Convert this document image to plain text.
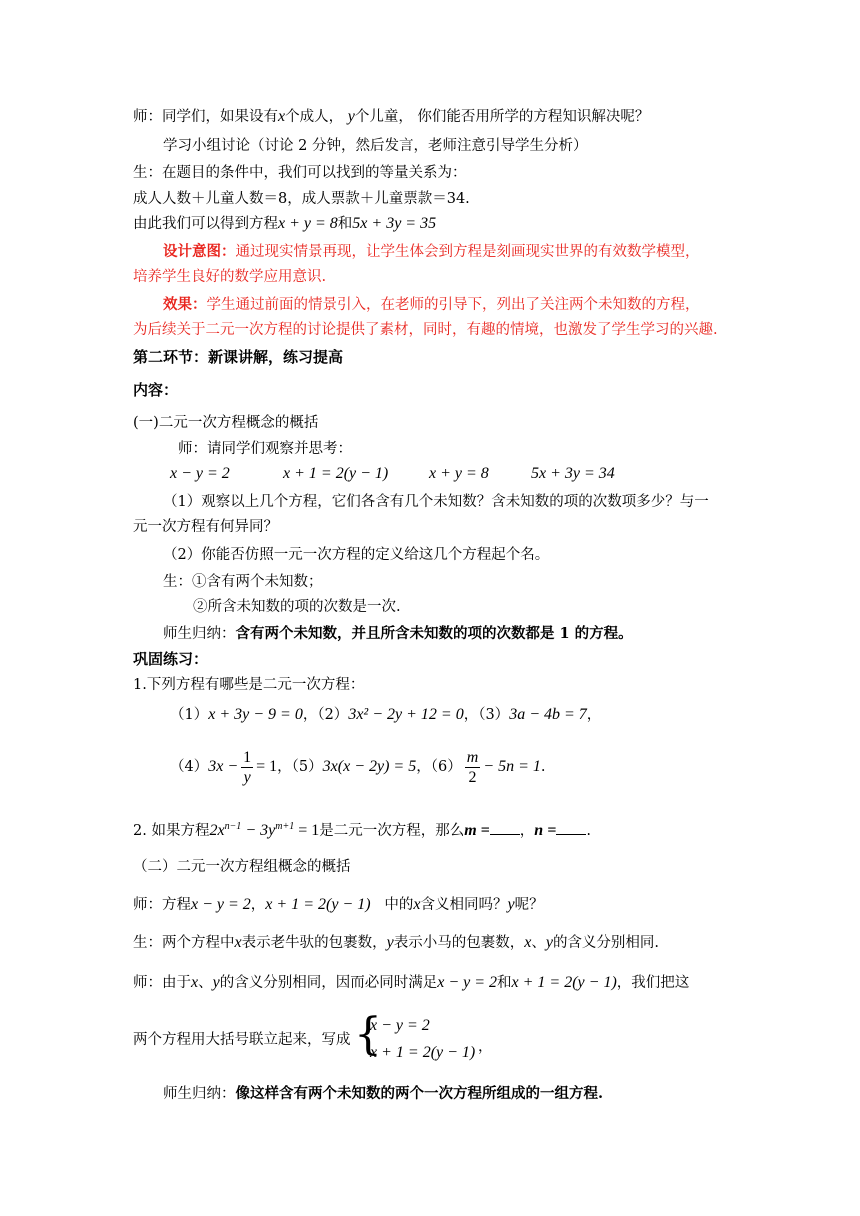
师：同学们，如果设有x个成人， y个儿童， 你们能否用所学的方程知识解决呢？
学习小组讨论（讨论 2 分钟，然后发言，老师注意引导学生分析）
生：在题目的条件中，我们可以找到的等量关系为：
成人人数＋儿童人数＝8，成人票款＋儿童票款＝34.
由此我们可以得到方程x + y = 8和5x + 3y = 35
设计意图：通过现实情景再现，让学生体会到方程是刻画现实世界的有效数学模型，
培养学生良好的数学应用意识.
效果：学生通过前面的情景引入，在老师的引导下，列出了关注两个未知数的方程，
为后续关于二元一次方程的讨论提供了素材，同时，有趣的情境，也激发了学生学习的兴趣.
第二环节：新课讲解，练习提高
内容：
(一)二元一次方程概念的概括
师：请同学们观察并思考：
x − y = 2	x + 1 = 2(y − 1)	x + y = 8	5x + 3y = 34
（1）观察以上几个方程，它们各含有几个未知数？含未知数的项的次数项多少？与一
元一次方程有何异同？
（2）你能否仿照一元一次方程的定义给这几个方程起个名。
生：①含有两个未知数；
②所含未知数的项的次数是一次.
师生归纳：含有两个未知数，并且所含未知数的项的次数都是 1 的方程。
巩固练习：
1.下列方程有哪些是二元一次方程：
（1）x + 3y − 9 = 0，（2）3x² − 2y + 12 = 0，（3）3a − 4b = 7，
$(4)3x - \frac{1}{y} = 1$，（5）3x(x − 2y) = 5，$(6) \frac{m}{2} - 5n = 1$.
2. 如果方程$2x^{n-1} - 3y^{m+1} = 1$是二元一次方程，那么m = ，n = .
（二）二元一次方程组概念的概括
师：方程x − y = 2，x + 1 = 2(y − 1) 中的x含义相同吗？y呢？
生：两个方程中x表示老牛驮的包裹数，y表示小马的包裹数，x、y的含义分别相同.
师：由于x、y的含义分别相同，因而必同时满足x − y = 2和x + 1 = 2(y − 1)，我们把这
两个方程用大括号联立起来，写成 {
x − y = 2
x + 1 = 2(y − 1) ，
师生归纳：像这样含有两个未知数的两个一次方程所组成的一组方程.
